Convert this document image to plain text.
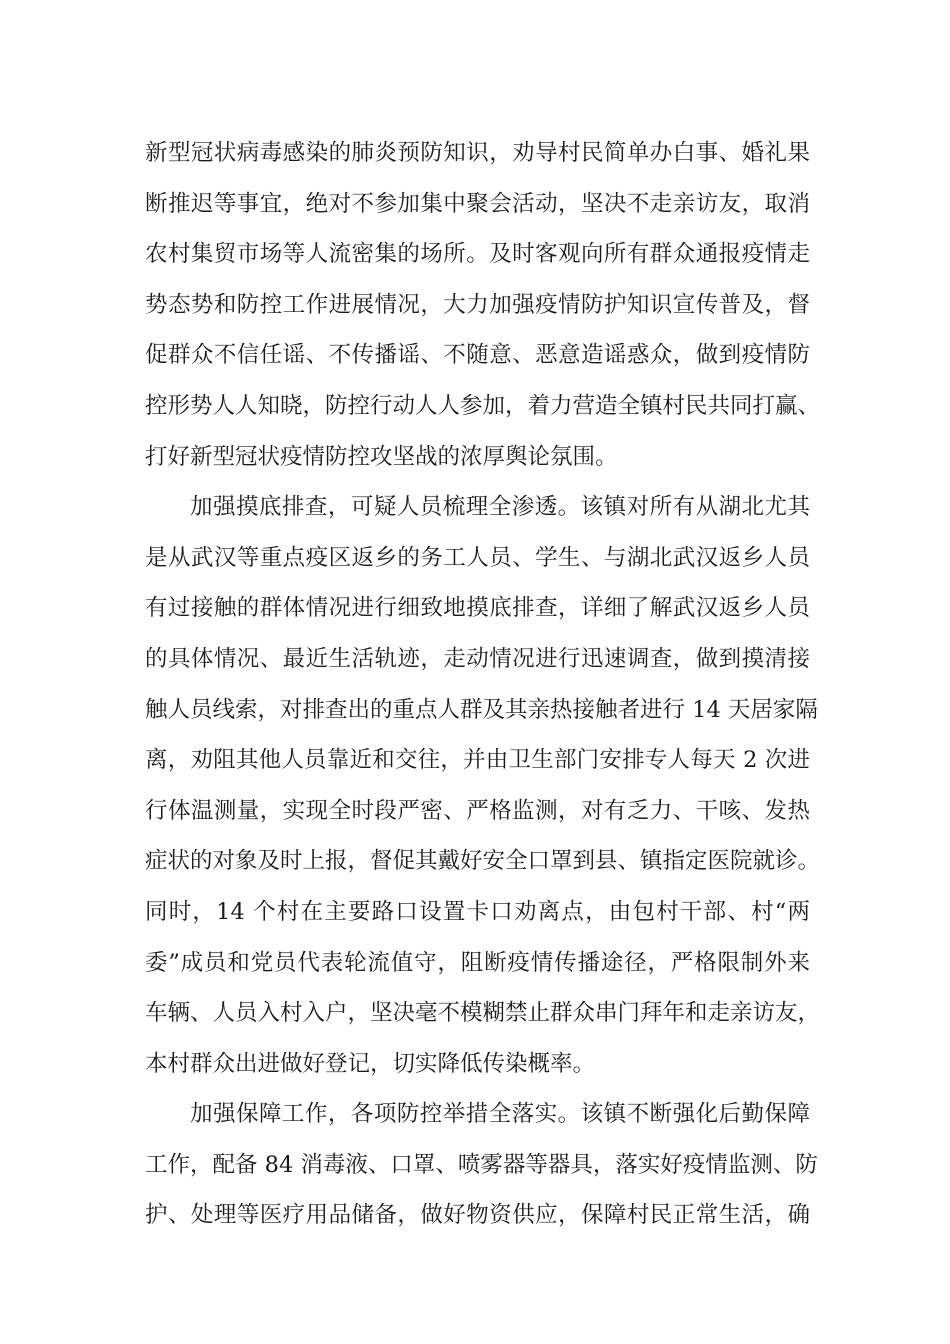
新型冠状病毒感染的肺炎预防知识，劝导村民简单办白事、婚礼果
断推迟等事宜，绝对不参加集中聚会活动，坚决不走亲访友，取消
农村集贸市场等人流密集的场所。及时客观向所有群众通报疫情走
势态势和防控工作进展情况，大力加强疫情防护知识宣传普及，督
促群众不信任谣、不传播谣、不随意、恶意造谣惑众，做到疫情防
控形势人人知晓，防控行动人人参加，着力营造全镇村民共同打赢、
打好新型冠状疫情防控攻坚战的浓厚舆论氛围。
加强摸底排查，可疑人员梳理全渗透。该镇对所有从湖北尤其
是从武汉等重点疫区返乡的务工人员、学生、与湖北武汉返乡人员
有过接触的群体情况进行细致地摸底排查，详细了解武汉返乡人员
的具体情况、最近生活轨迹，走动情况进行迅速调查，做到摸清接
触人员线索，对排查出的重点人群及其亲热接触者进行 14 天居家隔
离，劝阻其他人员靠近和交往，并由卫生部门安排专人每天 2 次进
行体温测量，实现全时段严密、严格监测，对有乏力、干咳、发热
症状的对象及时上报，督促其戴好安全口罩到县、镇指定医院就诊。
同时，14 个村在主要路口设置卡口劝离点，由包村干部、村“两
委”成员和党员代表轮流值守，阻断疫情传播途径，严格限制外来
车辆、人员入村入户，坚决毫不模糊禁止群众串门拜年和走亲访友，
本村群众出进做好登记，切实降低传染概率。
加强保障工作，各项防控举措全落实。该镇不断强化后勤保障
工作，配备 84 消毒液、口罩、喷雾器等器具，落实好疫情监测、防
护、处理等医疗用品储备，做好物资供应，保障村民正常生活，确
